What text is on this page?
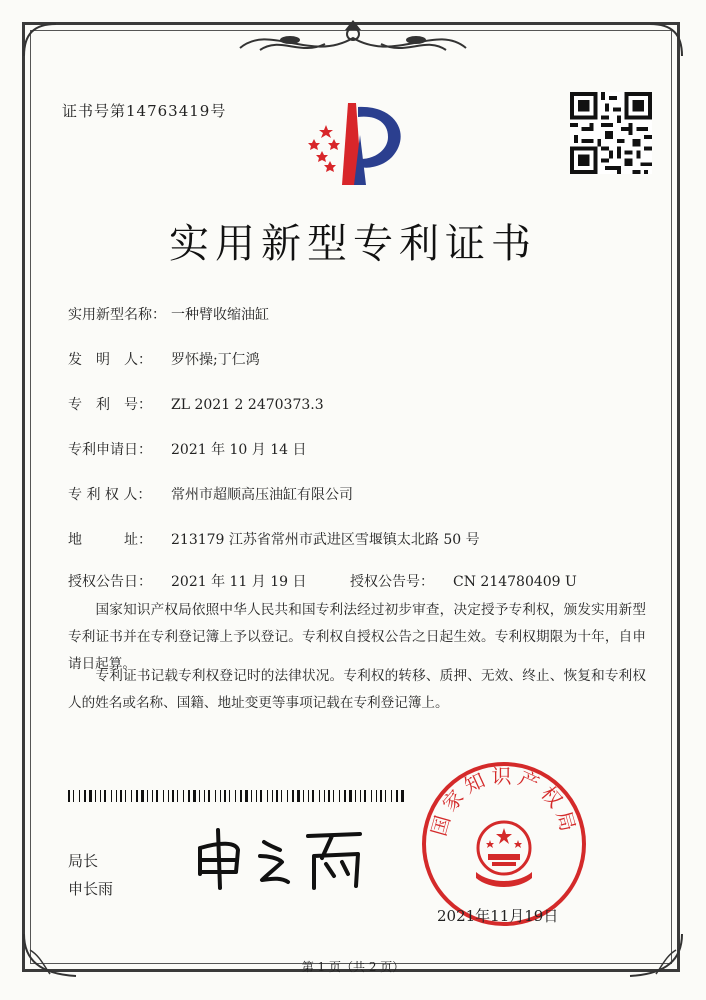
证书号第14763419号
实用新型专利证书
实用新型名称： 一种臂收缩油缸
发　明　人： 罗怀操;丁仁鸿
专　利　号： ZL 2021 2 2470373.3
专利申请日： 2021 年 10 月 14 日
专 利 权 人： 常州市超顺高压油缸有限公司
地　　　址： 213179 江苏省常州市武进区雪堰镇太北路 50 号
授权公告日： 2021 年 11 月 19 日	授权公告号： CN 214780409 U
　　国家知识产权局依照中华人民共和国专利法经过初步审查，决定授予专利权，颁发实用新型专利证书并在专利登记簿上予以登记。专利权自授权公告之日起生效。专利权期限为十年，自申请日起算。
　　专利证书记载专利权登记时的法律状况。专利权的转移、质押、无效、终止、恢复和专利权人的姓名或名称、国籍、地址变更等事项记载在专利登记簿上。
局长
申长雨
国家知识产权局
2021年11月19日
第 1 页（共 2 页）
